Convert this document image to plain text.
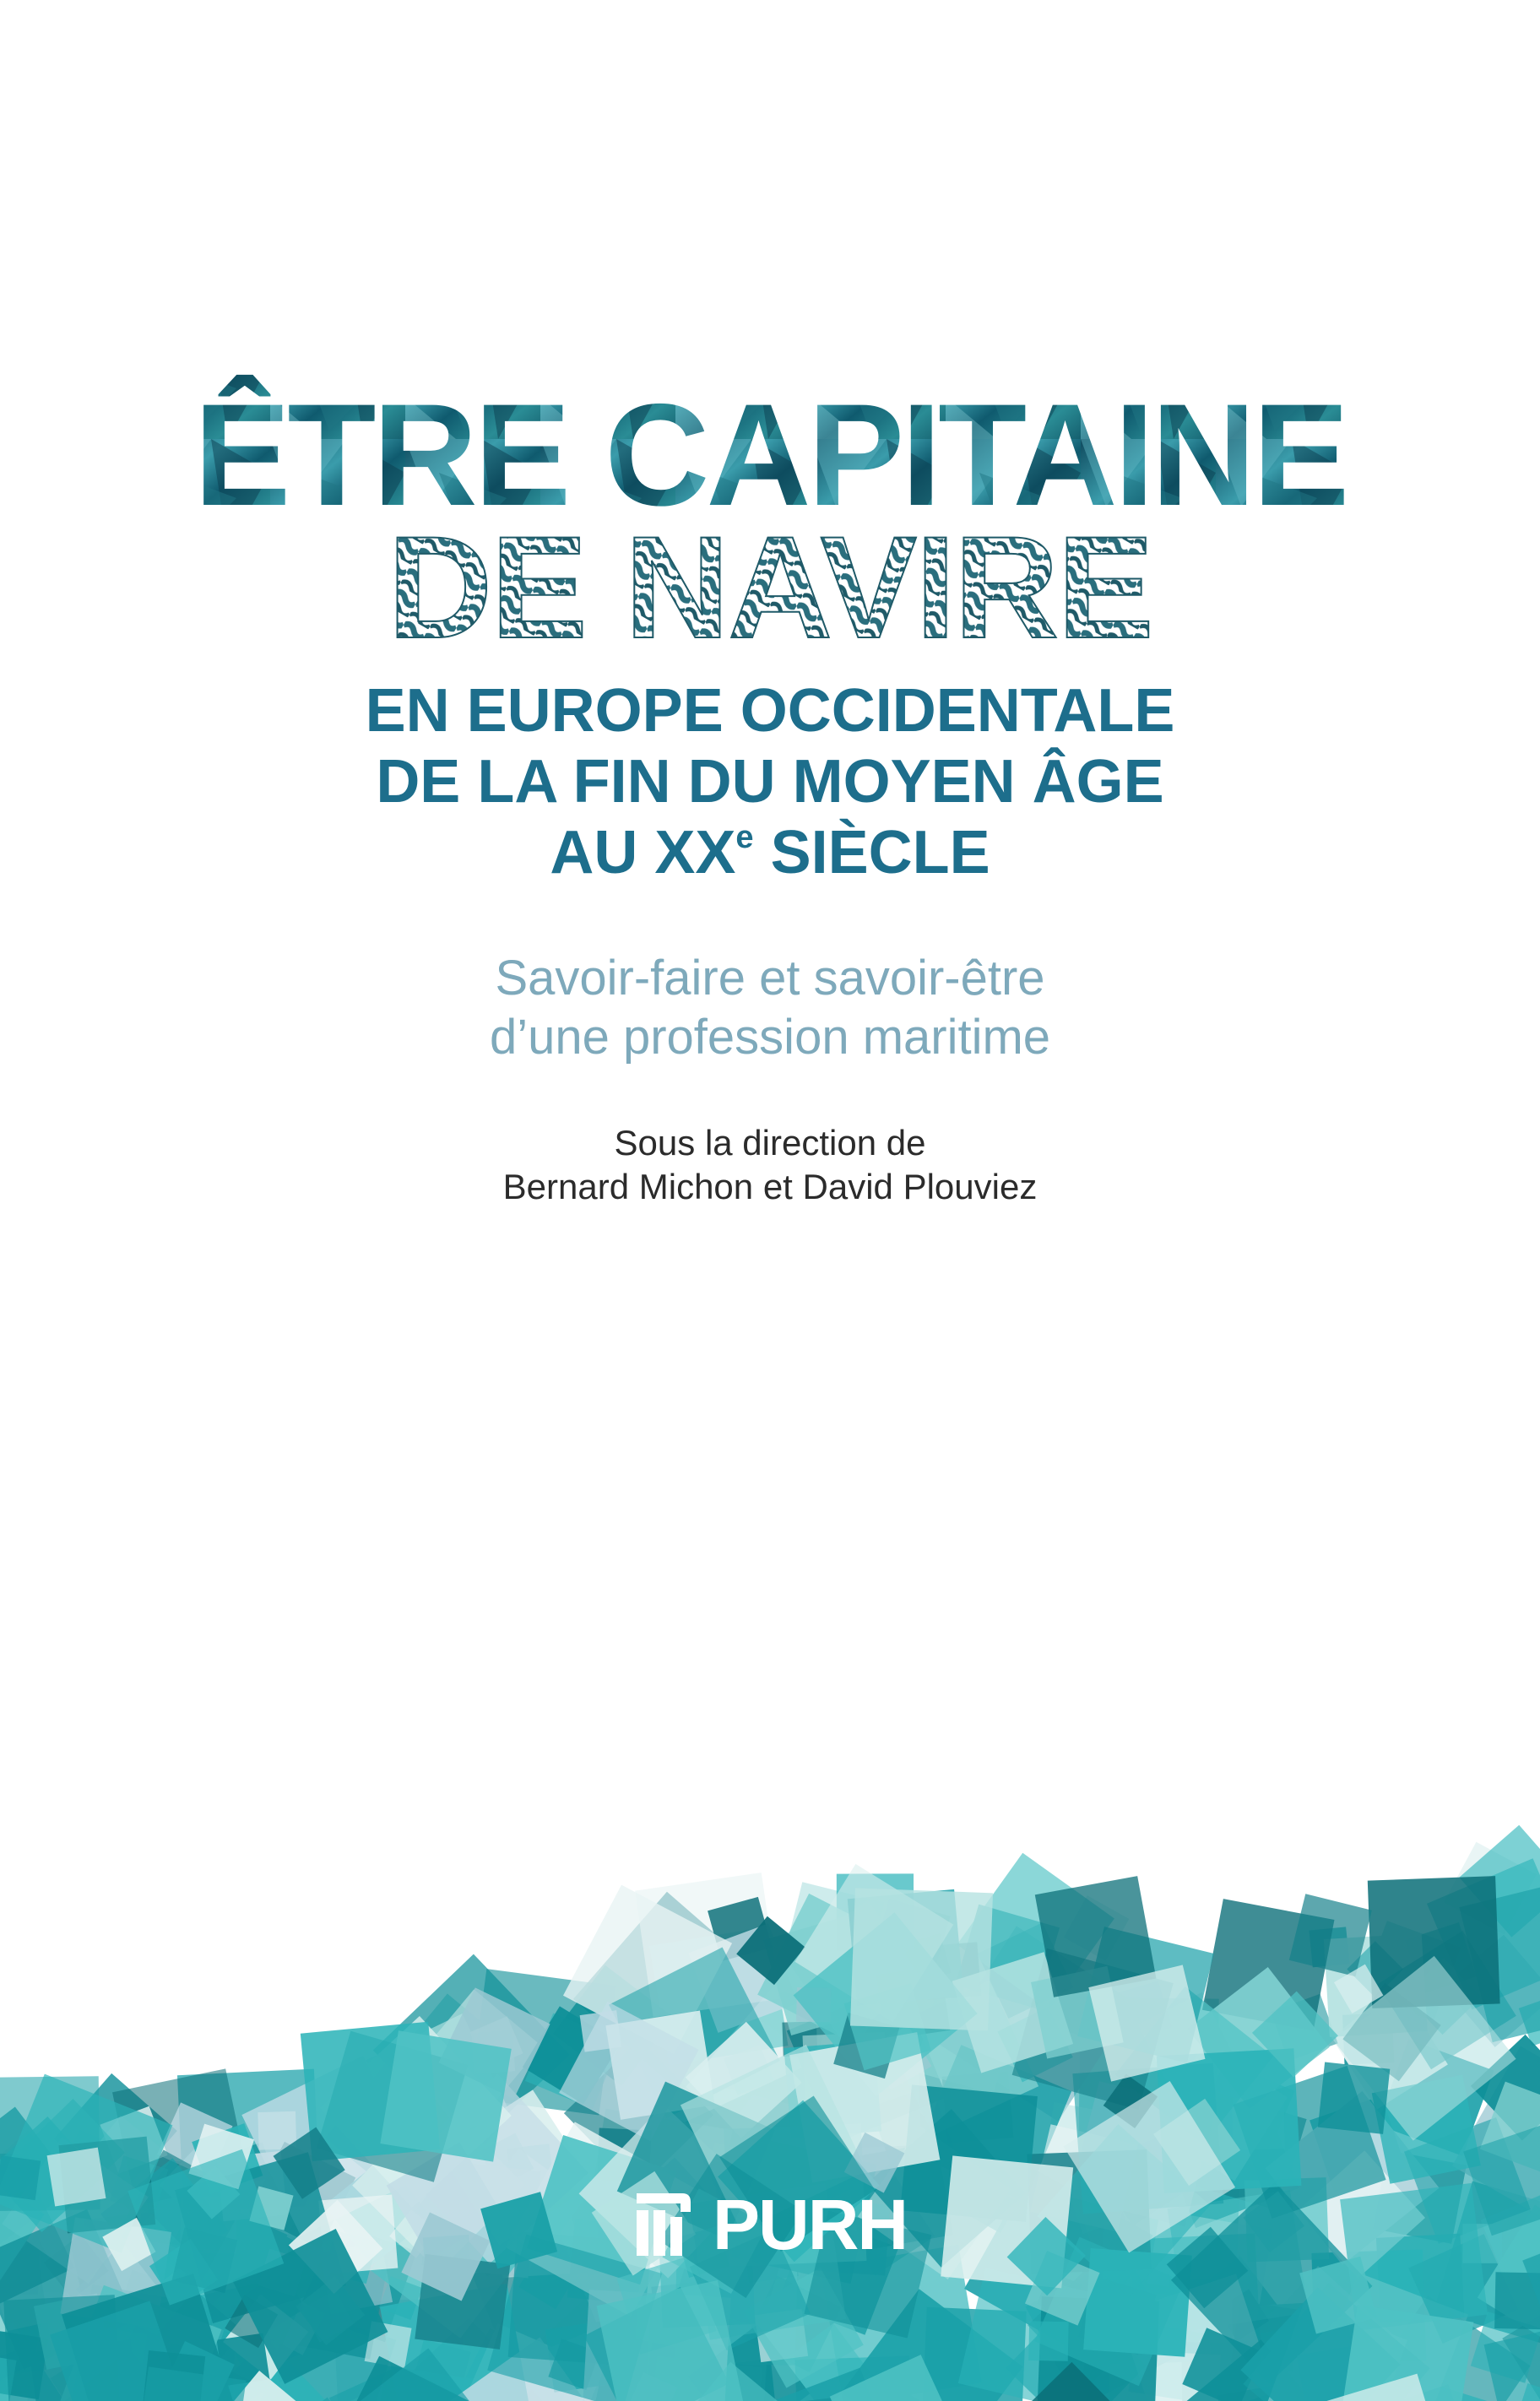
ÊTRE CAPITAINE
DE NAVIRE
EN EUROPE OCCIDENTALE
DE LA FIN DU MOYEN ÂGE
AU XXe SIÈCLE
Savoir-faire et savoir-être
d’une profession maritime
Sous la direction de
Bernard Michon et David Plouviez
PURH
